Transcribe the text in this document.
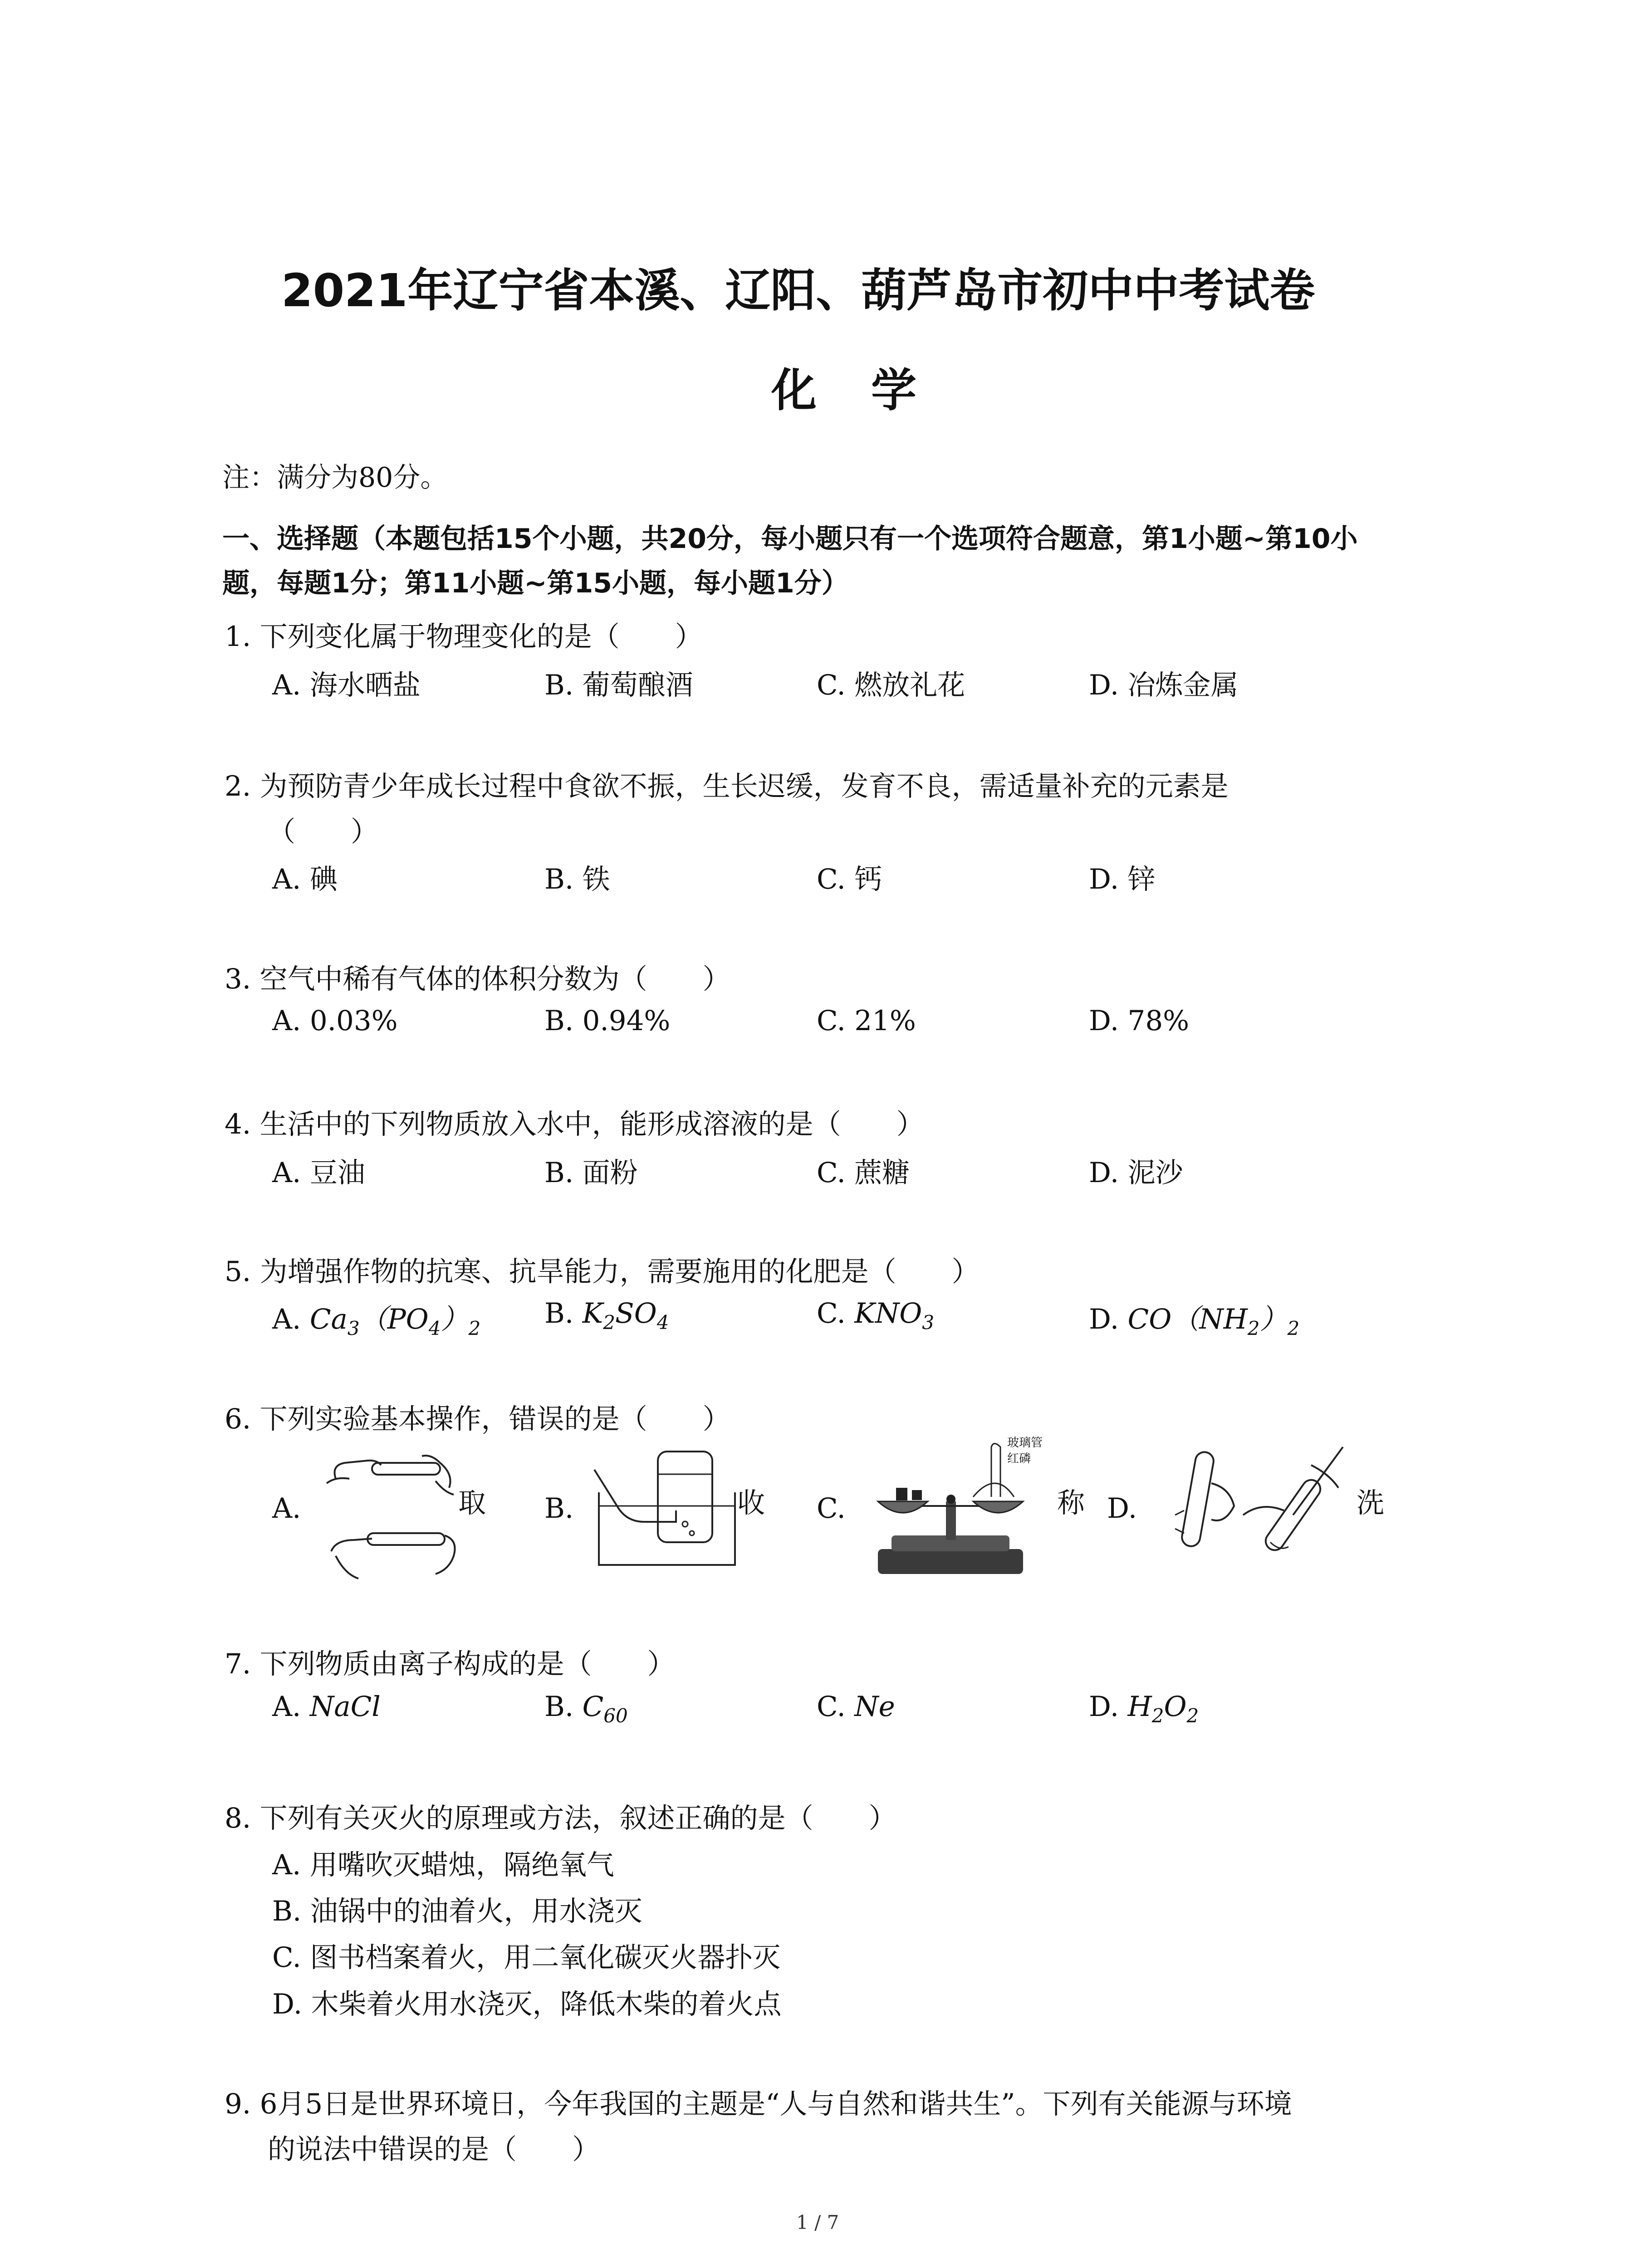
2021年辽宁省本溪、辽阳、葫芦岛市初中中考试卷
化学
注：满分为80分。
一、选择题（本题包括15个小题，共20分，每小题只有一个选项符合题意，第1小题~第10小
题，每题1分；第11小题~第15小题，每小题1分）
1. 下列变化属于物理变化的是（　　）
A. 海水晒盐	B. 葡萄酿酒	C. 燃放礼花	D. 冶炼金属
2. 为预防青少年成长过程中食欲不振，生长迟缓，发育不良，需适量补充的元素是
（　　）
A. 碘	B. 铁	C. 钙	D. 锌
3. 空气中稀有气体的体积分数为（　　）
A. 0.03%	B. 0.94%	C. 21%	D. 78%
4. 生活中的下列物质放入水中，能形成溶液的是（　　）
A. 豆油	B. 面粉	C. 蔗糖	D. 泥沙
5. 为增强作物的抗寒、抗旱能力，需要施用的化肥是（　　）
A. $Ca_3(PO_4)_2$ B. $K_2SO_4$	C. $KNO_3$	D. $CO(NH_2)_2$
6. 下列实验基本操作，错误的是（　　）
A.	取 B.	收 C.
玻璃管
红磷
称 D.	洗
7. 下列物质由离子构成的是（　　）
A. NaCl	B. $C_{60}$	C. Ne	D. $H_2O_2$
8. 下列有关灭火的原理或方法，叙述正确的是（　　）
A. 用嘴吹灭蜡烛，隔绝氧气
B. 油锅中的油着火，用水浇灭
C. 图书档案着火，用二氧化碳灭火器扑灭
D. 木柴着火用水浇灭，降低木柴的着火点
9. 6月5日是世界环境日，今年我国的主题是“人与自然和谐共生”。下列有关能源与环境
的说法中错误的是（　　）
1 / 7
